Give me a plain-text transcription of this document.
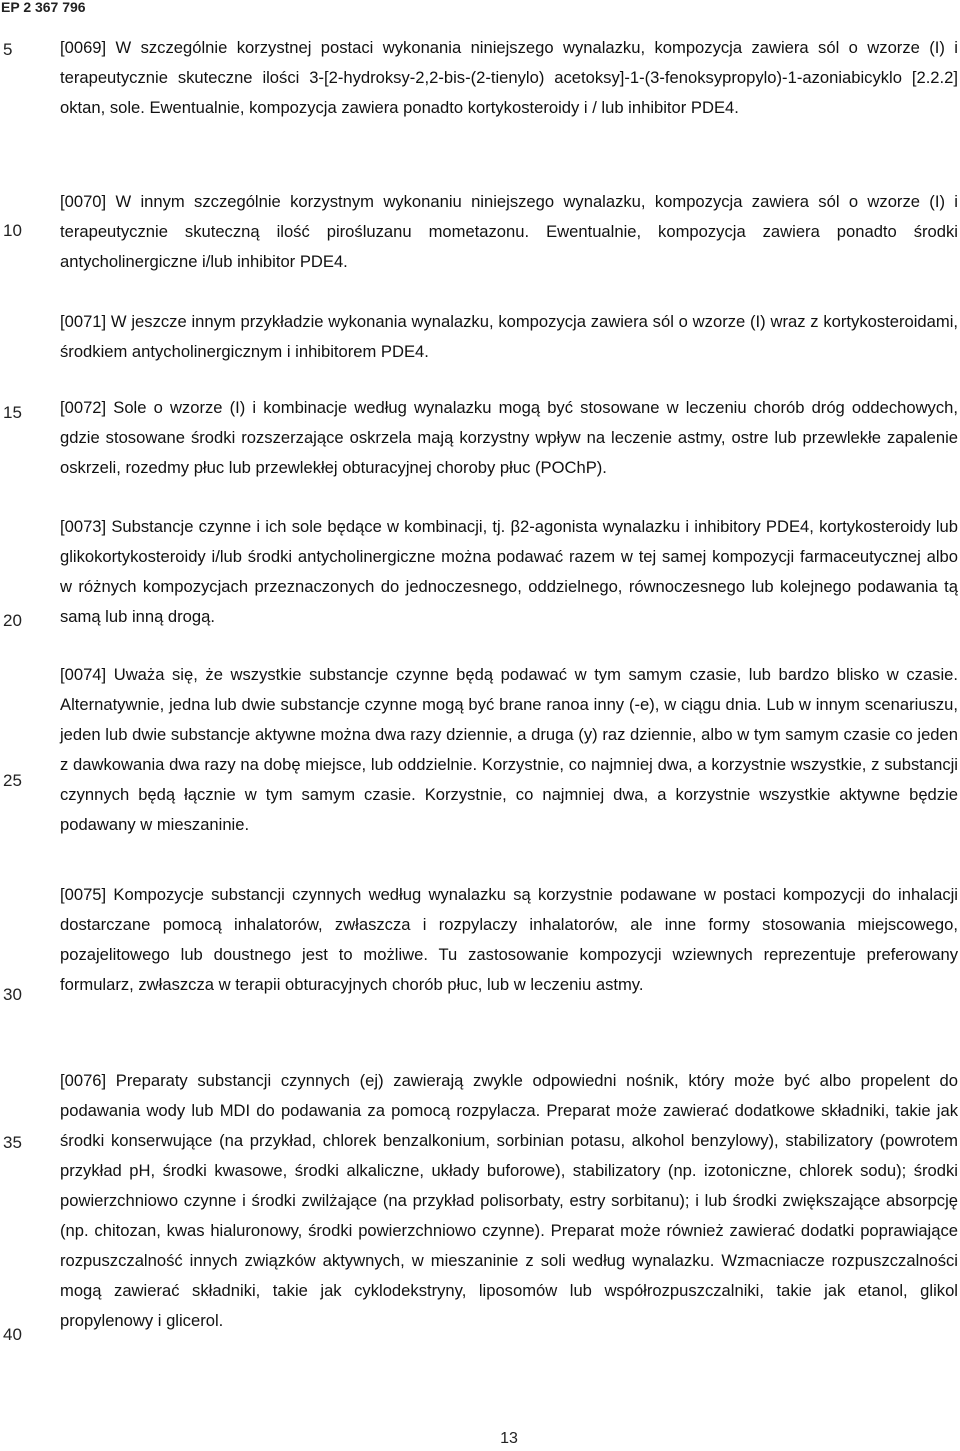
EP 2 367 796
5
10
15
20
25
30
35
40

[0069] W szczególnie korzystnej postaci wykonania niniejszego wynalazku, kompozycja zawiera sól o wzorze (I) i terapeutycznie skuteczne ilości 3-[2-hydroksy-2,2-bis-(2-tienylo) acetoksy]-1-(3-fenoksypropylo)-1-azoniabicyklo [2.2.2] oktan, sole. Ewentualnie, kompozycja zawiera ponadto kortykosteroidy i / lub inhibitor PDE4.

[0070] W innym szczególnie korzystnym wykonaniu niniejszego wynalazku, kompozycja zawiera sól o wzorze (I) i terapeutycznie skuteczną ilość pirośluzanu mometazonu. Ewentualnie, kompozycja zawiera ponadto środki antycholinergiczne i/lub inhibitor PDE4.

[0071] W jeszcze innym przykładzie wykonania wynalazku, kompozycja zawiera sól o wzorze (I) wraz z kortykosteroidami, środkiem antycholinergicznym i inhibitorem PDE4.

[0072] Sole o wzorze (I) i kombinacje według wynalazku mogą być stosowane w leczeniu chorób dróg oddechowych, gdzie stosowane środki rozszerzające oskrzela mają korzystny wpływ na leczenie astmy, ostre lub przewlekłe zapalenie oskrzeli, rozedmy płuc lub przewlekłej obturacyjnej choroby płuc (POChP).

[0073] Substancje czynne i ich sole będące w kombinacji, tj. β2-agonista wynalazku i inhibitory PDE4, kortykosteroidy lub glikokortykosteroidy i/lub środki antycholinergiczne można podawać razem w tej samej kompozycji farmaceutycznej albo w różnych kompozycjach przeznaczonych do jednoczesnego, oddzielnego, równoczesnego lub kolejnego podawania tą samą lub inną drogą.

[0074] Uważa się, że wszystkie substancje czynne będą podawać w tym samym czasie, lub bardzo blisko w czasie. Alternatywnie, jedna lub dwie substancje czynne mogą być brane ranoa inny (-e), w ciągu dnia. Lub w innym scenariuszu, jeden lub dwie substancje aktywne można dwa razy dziennie, a druga (y) raz dziennie, albo w tym samym czasie co jeden z dawkowania dwa razy na dobę miejsce, lub oddzielnie. Korzystnie, co najmniej dwa, a korzystnie wszystkie, z substancji czynnych będą łącznie w tym samym czasie. Korzystnie, co najmniej dwa, a korzystnie wszystkie aktywne będzie podawany w mieszaninie.

[0075] Kompozycje substancji czynnych według wynalazku są korzystnie podawane w postaci kompozycji do inhalacji dostarczane pomocą inhalatorów, zwłaszcza i rozpylaczy inhalatorów, ale inne formy stosowania miejscowego, pozajelitowego lub doustnego jest to możliwe. Tu zastosowanie kompozycji wziewnych reprezentuje preferowany formularz, zwłaszcza w terapii obturacyjnych chorób płuc, lub w leczeniu astmy.

[0076] Preparaty substancji czynnych (ej) zawierają zwykle odpowiedni nośnik, który może być albo propelent do podawania wody lub MDI do podawania za pomocą rozpylacza. Preparat może zawierać dodatkowe składniki, takie jak środki konserwujące (na przykład, chlorek benzalkonium, sorbinian potasu, alkohol benzylowy), stabilizatory (powrotem przykład pH, środki kwasowe, środki alkaliczne, układy buforowe), stabilizatory (np. izotoniczne, chlorek sodu); środki powierzchniowo czynne i środki zwilżające (na przykład polisorbaty, estry sorbitanu); i lub środki zwiększające absorpcję (np. chitozan, kwas hialuronowy, środki powierzchniowo czynne). Preparat może również zawierać dodatki poprawiające rozpuszczalność innych związków aktywnych, w mieszaninie z soli według wynalazku. Wzmacniacze rozpuszczalności mogą zawierać składniki, takie jak cyklodekstryny, liposomów lub współrozpuszczalniki, takie jak etanol, glikol propylenowy i glicerol.

13
